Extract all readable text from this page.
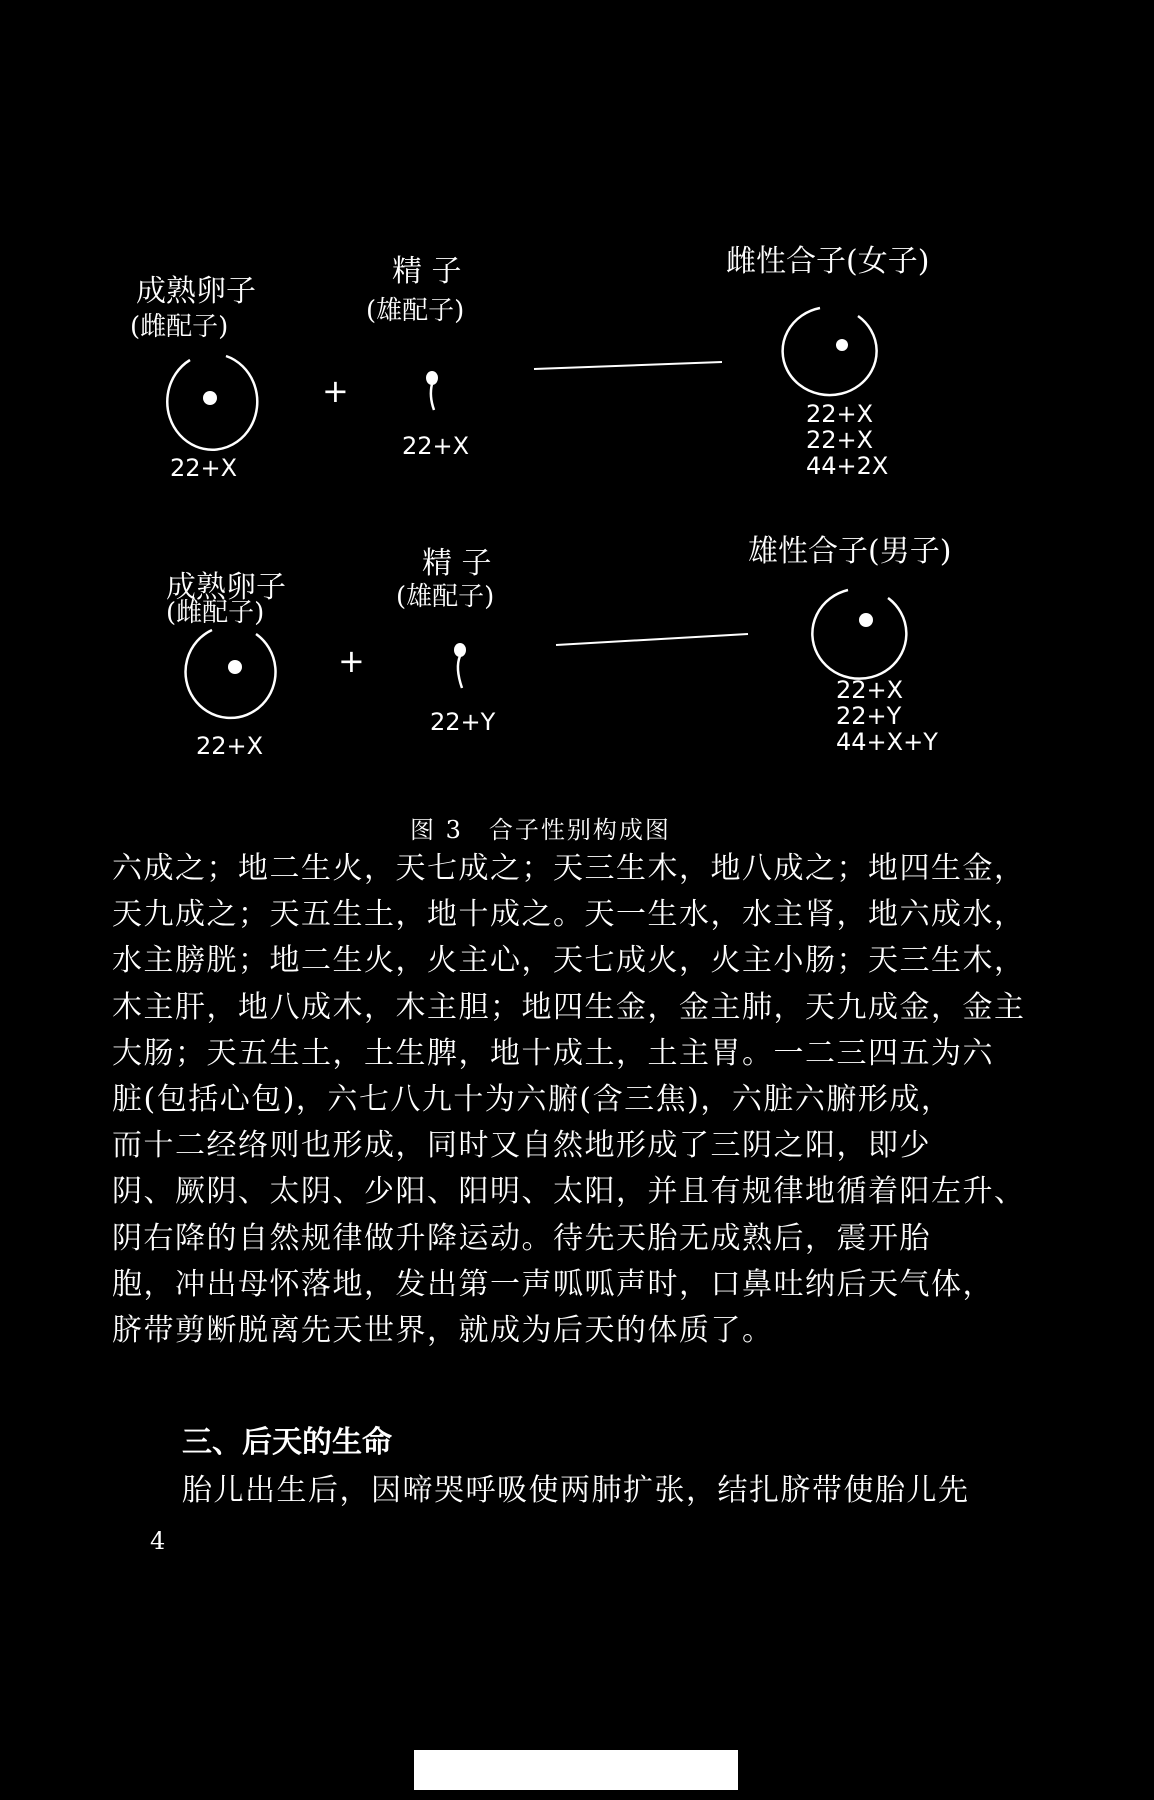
成熟卵子
(雌配子)
22+X
+
精 子
(雄配子)
22+X
雌性合子(女子)
22+X
22+X
44+2X
成熟卵子
(雌配子)
22+X
+
精 子
(雄配子)
22+Y
雄性合子(男子)
22+X
22+Y
44+X+Y
图 3　合子性别构成图
六成之；地二生火，天七成之；天三生木，地八成之；地四生金，
天九成之；天五生土，地十成之。天一生水，水主肾，地六成水，
水主膀胱；地二生火，火主心，天七成火，火主小肠；天三生木，
木主肝，地八成木，木主胆；地四生金，金主肺，天九成金，金主
大肠；天五生土，土生脾，地十成土，土主胃。一二三四五为六
脏(包括心包)，六七八九十为六腑(含三焦)，六脏六腑形成，
而十二经络则也形成，同时又自然地形成了三阴之阳，即少
阴、厥阴、太阴、少阳、阳明、太阳，并且有规律地循着阳左升、
阴右降的自然规律做升降运动。待先天胎无成熟后，震开胎
胞，冲出母怀落地，发出第一声呱呱声时，口鼻吐纳后天气体，
脐带剪断脱离先天世界，就成为后天的体质了。
三、后天的生命
胎儿出生后，因啼哭呼吸使两肺扩张，结扎脐带使胎儿先
4
